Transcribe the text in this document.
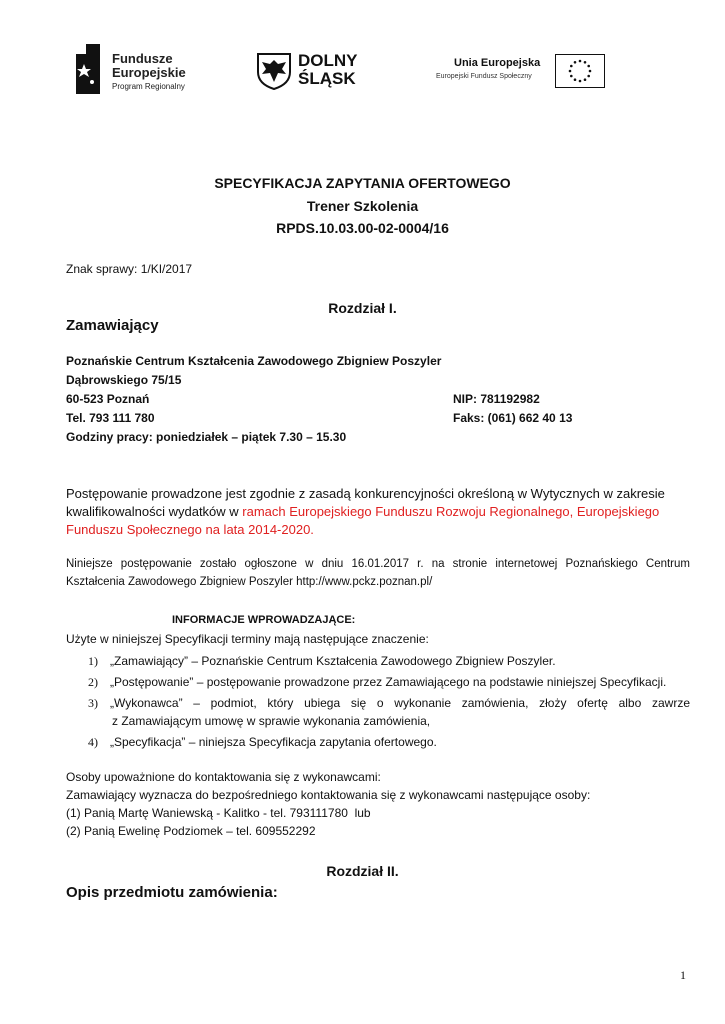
Fundusze
Europejskie
Program Regionalny
DOLNY
ŚLĄSK
Unia Europejska
Europejski Fundusz Społeczny
SPECYFIKACJA ZAPYTANIA OFERTOWEGO
Trener Szkolenia
RPDS.10.03.00-02-0004/16
Znak sprawy: 1/KI/2017
Rozdział I.
Zamawiający
Poznańskie Centrum Kształcenia Zawodowego Zbigniew Poszyler
Dąbrowskiego 75/15
60-523 Poznań	NIP: 781192982
Tel. 793 111 780	Faks: (061) 662 40 13
Godziny pracy: poniedziałek – piątek 7.30 – 15.30
Postępowanie prowadzone jest zgodnie z zasadą konkurencyjności określoną w Wytycznych w zakresie
kwalifikowalności wydatków w ramach Europejskiego Funduszu Rozwoju Regionalnego, Europejskiego
Funduszu Społecznego na lata 2014-2020.
Niniejsze postępowanie zostało ogłoszone w dniu 16.01.2017 r. na stronie internetowej Poznańskiego Centrum
Kształcenia Zawodowego Zbigniew Poszyler http://www.pckz.poznan.pl/
INFORMACJE WPROWADZAJĄCE:
Użyte w niniejszej Specyfikacji terminy mają następujące znaczenie:
1) „Zamawiający” – Poznańskie Centrum Kształcenia Zawodowego Zbigniew Poszyler.
2) „Postępowanie” – postępowanie prowadzone przez Zamawiającego na podstawie niniejszej Specyfikacji.
3) „Wykonawca” – podmiot, który ubiega się o wykonanie zamówienia, złoży ofertę albo zawrze
z Zamawiającym umowę w sprawie wykonania zamówienia,
4) „Specyfikacja” – niniejsza Specyfikacja zapytania ofertowego.
Osoby upoważnione do kontaktowania się z wykonawcami:
Zamawiający wyznacza do bezpośredniego kontaktowania się z wykonawcami następujące osoby:
(1) Panią Martę Waniewską - Kalitko - tel. 793111780  lub
(2) Panią Ewelinę Podziomek – tel. 609552292
Rozdział II.
Opis przedmiotu zamówienia:
1
